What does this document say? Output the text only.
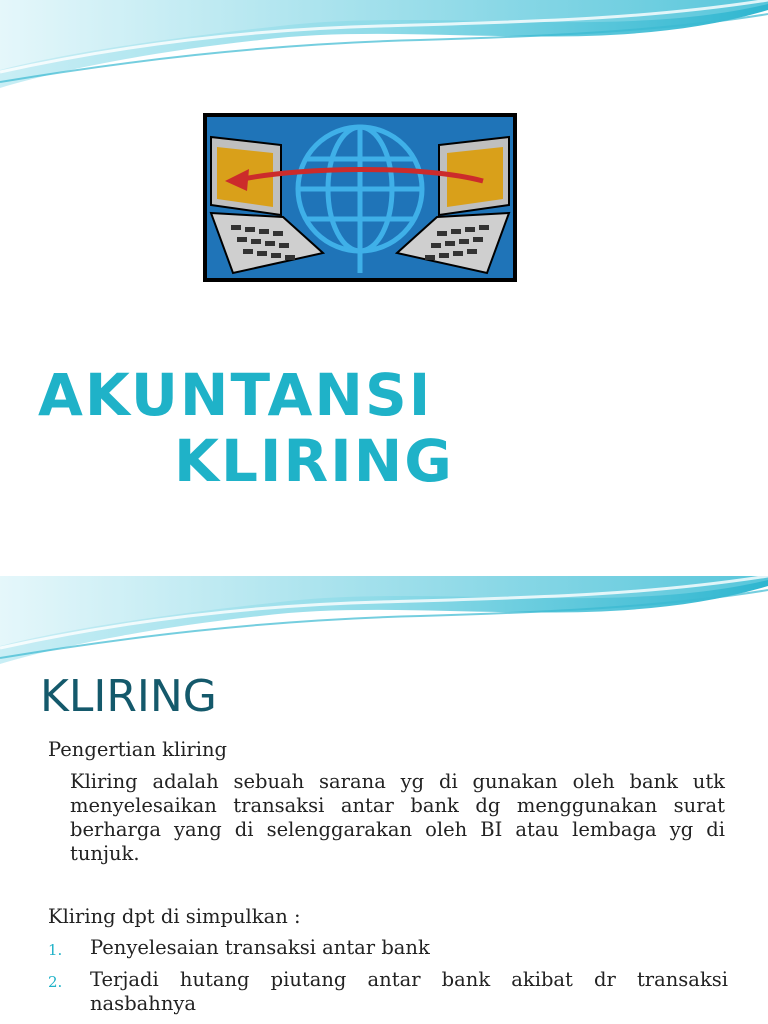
AKUNTANSI
KLIRING
KLIRING
Pengertian kliring
Kliring adalah sebuah sarana yg di gunakan oleh bank utk menyelesaikan transaksi antar bank dg menggunakan surat berharga yang di selenggarakan oleh BI atau lembaga yg di tunjuk.
Kliring dpt di simpulkan :
1.	Penyelesaian transaksi antar bank
2.	Terjadi hutang piutang antar bank akibat dr transaksi nasbahnya
